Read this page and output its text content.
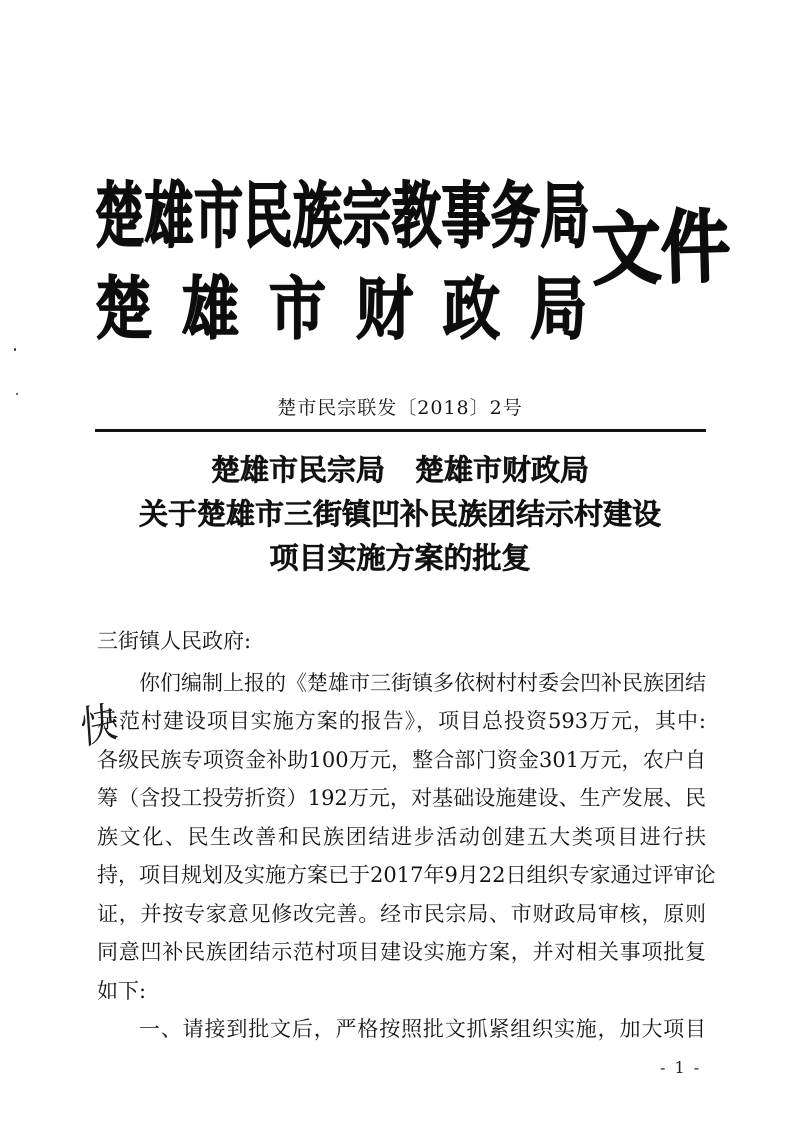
楚雄市民族宗教事务局
楚雄市财政局
文件
楚市民宗联发〔2018〕2号
楚雄市民宗局 楚雄市财政局
关于楚雄市三街镇凹补民族团结示村建设
项目实施方案的批复
三街镇人民政府:
你们编制上报的《楚雄市三街镇多依树村村委会凹补民族团结
示范村建设项目实施方案的报告》，项目总投资593万元，其中:
各级民族专项资金补助100万元，整合部门资金301万元，农户自
筹（含投工投劳折资）192万元，对基础设施建设、生产发展、民
族文化、民生改善和民族团结进步活动创建五大类项目进行扶
持，项目规划及实施方案已于2017年9月22日组织专家通过评审论
证，并按专家意见修改完善。经市民宗局、市财政局审核，原则
同意凹补民族团结示范村项目建设实施方案，并对相关事项批复
如下:
一、请接到批文后，严格按照批文抓紧组织实施，加大项目
快
- 1 -
